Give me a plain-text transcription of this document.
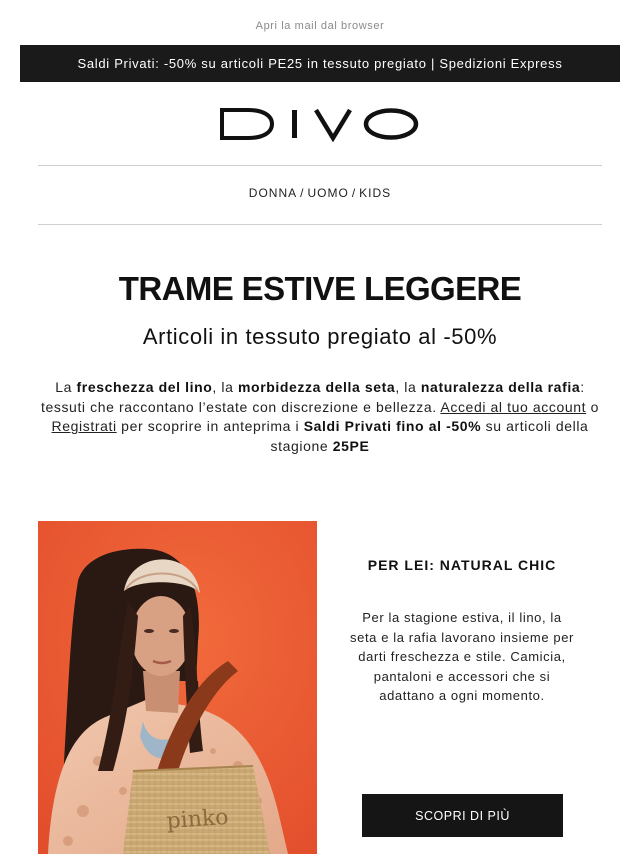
Apri la mail dal browser
Saldi Privati: -50% su articoli PE25 in tessuto pregiato | Spedizioni Express
DONNA / UOMO / KIDS
TRAME ESTIVE LEGGERE
Articoli in tessuto pregiato al -50%

La freschezza del lino, la morbidezza della seta, la naturalezza della rafia: tessuti che raccontano l’estate con discrezione e bellezza. Accedi al tuo account o Registrati per scoprire in anteprima i Saldi Privati fino al -50% su articoli della stagione 25PE

pinko
PER LEI: NATURAL CHIC

Per la stagione estiva, il lino, la seta e la rafia lavorano insieme per darti freschezza e stile. Camicia, pantaloni e accessori che si adattano a ogni momento.

SCOPRI DI PIÙ
